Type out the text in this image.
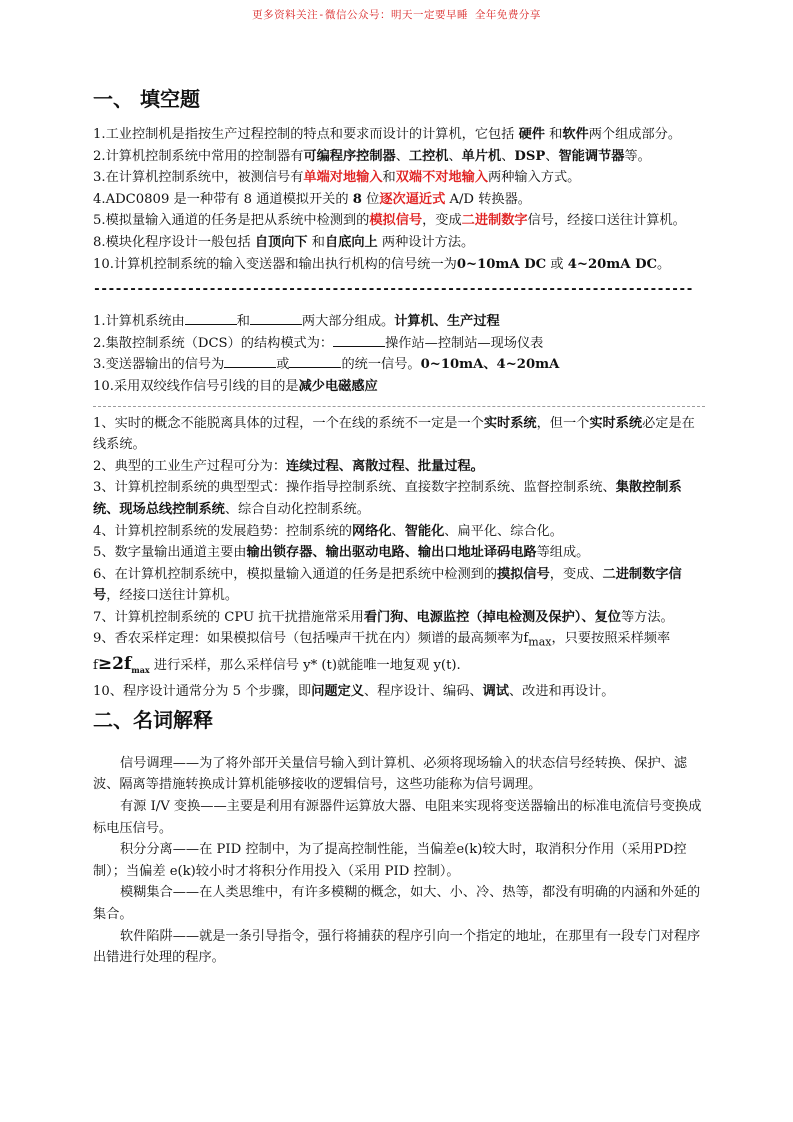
更多资料关注-微信公众号：明天一定要早睡 全年免费分享
一、 填空题
1.工业控制机是指按生产过程控制的特点和要求而设计的计算机，它包括 硬件 和软件两个组成部分。
2.计算机控制系统中常用的控制器有可编程序控制器、工控机、单片机、DSP、智能调节器等。
3.在计算机控制系统中，被测信号有单端对地输入和双端不对地输入两种输入方式。
4.ADC0809 是一种带有 8 通道模拟开关的 8 位逐次逼近式 A/D 转换器。
5.模拟量输入通道的任务是把从系统中检测到的模拟信号，变成二进制数字信号，经接口送往计算机。
8.模块化程序设计一般包括 自顶向下 和自底向上 两种设计方法。
10.计算机控制系统的输入变送器和输出执行机构的信号统一为0~10mA DC 或 4~20mA DC。
-----------------------------------------------------------------------------------
1.计算机系统由	和	两大部分组成。计算机、生产过程
2.集散控制系统（DCS）的结构模式为：	操作站—控制站—现场仪表
3.变送器输出的信号为	或	的统一信号。0~10mA、4~20mA
10.采用双绞线作信号引线的目的是减少电磁感应
1、实时的概念不能脱离具体的过程，一个在线的系统不一定是一个实时系统，但一个实时系统必定是在线系统。
2、典型的工业生产过程可分为：连续过程、离散过程、批量过程。
3、计算机控制系统的典型型式：操作指导控制系统、直接数字控制系统、监督控制系统、集散控制系统、现场总线控制系统、综合自动化控制系统。
4、计算机控制系统的发展趋势：控制系统的网络化、智能化、扁平化、综合化。
5、数字量输出通道主要由输出锁存器、输出驱动电路、输出口地址译码电路等组成。
6、在计算机控制系统中，模拟量输入通道的任务是把系统中检测到的摸拟信号，变成、二进制数字信号，经接口送往计算机。
7、计算机控制系统的 CPU 抗干扰措施常采用看门狗、电源监控（掉电检测及保护）、复位等方法。
9、香农采样定理：如果模拟信号（包括噪声干扰在内）频谱的最高频率为$f_{max}$，只要按照采样频率
$f\ge 2f_{max}$ 进行采样，那么采样信号 y* (t)就能唯一地复观 y(t).
10、程序设计通常分为 5 个步骤，即问题定义、程序设计、编码、调试、改进和再设计。
二、名词解释
信号调理——为了将外部开关量信号输入到计算机、必须将现场输入的状态信号经转换、保护、滤波、隔离等措施转换成计算机能够接收的逻辑信号，这些功能称为信号调理。
有源 I/V 变换——主要是利用有源器件运算放大器、电阻来实现将变送器输出的标准电流信号变换成标电压信号。
积分分离——在 PID 控制中，为了提高控制性能，当偏差e(k)较大时，取消积分作用（采用PD控制）；当偏差 e(k)较小时才将积分作用投入（采用 PID 控制）。
模糊集合——在人类思维中，有许多模糊的概念，如大、小、冷、热等，都没有明确的内涵和外延的集合。
软件陷阱——就是一条引导指令，强行将捕获的程序引向一个指定的地址，在那里有一段专门对程序出错进行处理的程序。
